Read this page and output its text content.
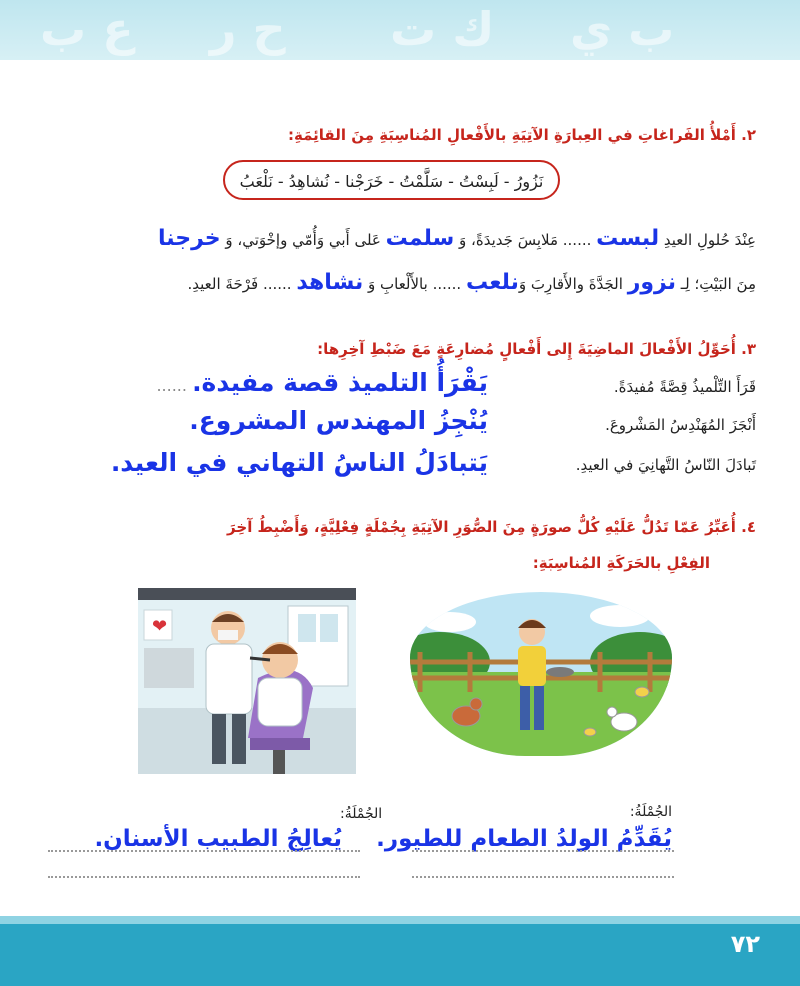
ع ب ح ر ك ت ب ي
٢. أَمْلأُ الفَراغاتِ في العِبارَةِ الآتِيَةِ بالأَفْعالِ المُناسِبَةِ مِنَ القائِمَةِ:
نَزُورُ - لَبِسْتُ - سَلَّمْتُ - خَرَجْنا - نُشاهِدُ - نَلْعَبُ
عِنْدَ حُلولِ العيدِ لبست ...... مَلابِسَ جَديدَةً، وَ سلمت عَلى أَبي وَأُمّي وإخْوَتي، وَ خرجنا
مِنَ البَيْتِ؛ لِـ نزور الجَدَّةَ والأَقارِبَ وَنلعب ...... بالأَلْعابِ وَ نشاهد ...... فَرْحَةَ العيدِ.
٣. أُحَوِّلُ الأَفْعالَ الماضِيَةَ إِلى أَفْعالٍ مُضارِعَةٍ مَعَ ضَبْطِ آخِرِها:
قَرَأَ التِّلْميذُ قِصَّةً مُفيدَةً.
يَقْرَأُ التلميذ قصة مفيدة. ......
أَنْجَزَ المُهَنْدِسُ المَشْروعَ.
يُنْجِزُ المهندس المشروع.
تَبادَلَ النّاسُ التَّهانِيَ في العيدِ.
يَتبادَلُ الناسُ التهاني في العيد.
٤. أُعَبِّرُ عَمّا تَدُلُّ عَلَيْهِ كُلُّ صورَةٍ مِنَ الصُّوَرِ الآتِيَةِ بِجُمْلَةٍ فِعْلِيَّةٍ، وَأَضْبِطُ آخِرَ
الفِعْلِ بالحَرَكَةِ المُناسِبَةِ:
❤
الجُمْلَةُ:
يُعالِجُ الطبيب الأسنان.
الجُمْلَةُ:
يُقَدِّمُ الولدُ الطعام للطيور.
٧٢
